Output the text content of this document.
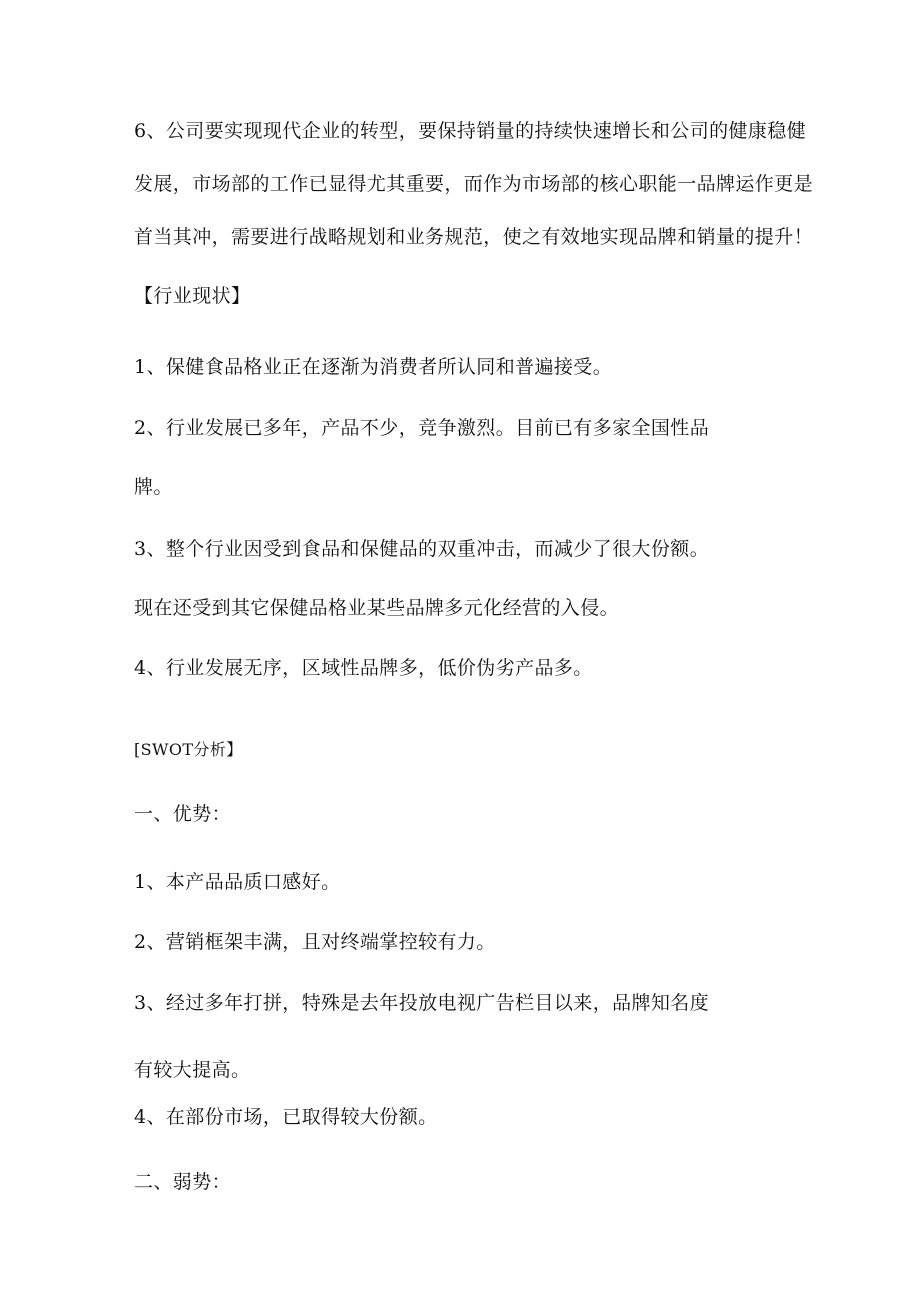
6、公司要实现现代企业的转型，要保持销量的持续快速增长和公司的健康稳健

发展，市场部的工作已显得尤其重要，而作为市场部的核心职能一品牌运作更是

首当其冲，需要进行战略规划和业务规范，使之有效地实现品牌和销量的提升！

【行业现状】

1、保健食品格业正在逐渐为消费者所认同和普遍接受。

2、行业发展已多年，产品不少，竞争激烈。目前已有多家全国性品

牌。

3、整个行业因受到食品和保健品的双重冲击，而减少了很大份额。

现在还受到其它保健品格业某些品牌多元化经营的入侵。

4、行业发展无序，区域性品牌多，低价伪劣产品多。

[SWOT分析】

一、优势：

1、本产品品质口感好。

2、营销框架丰满，且对终端掌控较有力。

3、经过多年打拼，特殊是去年投放电视广告栏目以来，品牌知名度

有较大提高。

4、在部份市场，已取得较大份额。

二、弱势：
